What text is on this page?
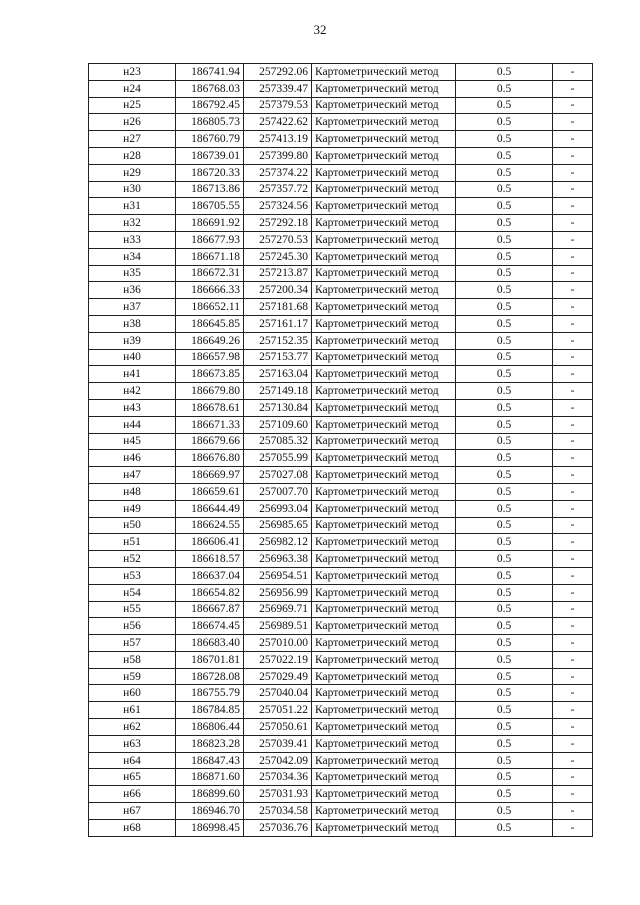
32
н23	186741.94	257292.06	Картометрический метод	0.5	-
н24	186768.03	257339.47	Картометрический метод	0.5	-
н25	186792.45	257379.53	Картометрический метод	0.5	-
н26	186805.73	257422.62	Картометрический метод	0.5	-
н27	186760.79	257413.19	Картометрический метод	0.5	-
н28	186739.01	257399.80	Картометрический метод	0.5	-
н29	186720.33	257374.22	Картометрический метод	0.5	-
н30	186713.86	257357.72	Картометрический метод	0.5	-
н31	186705.55	257324.56	Картометрический метод	0.5	-
н32	186691.92	257292.18	Картометрический метод	0.5	-
н33	186677.93	257270.53	Картометрический метод	0.5	-
н34	186671.18	257245.30	Картометрический метод	0.5	-
н35	186672.31	257213.87	Картометрический метод	0.5	-
н36	186666.33	257200.34	Картометрический метод	0.5	-
н37	186652.11	257181.68	Картометрический метод	0.5	-
н38	186645.85	257161.17	Картометрический метод	0.5	-
н39	186649.26	257152.35	Картометрический метод	0.5	-
н40	186657.98	257153.77	Картометрический метод	0.5	-
н41	186673.85	257163.04	Картометрический метод	0.5	-
н42	186679.80	257149.18	Картометрический метод	0.5	-
н43	186678.61	257130.84	Картометрический метод	0.5	-
н44	186671.33	257109.60	Картометрический метод	0.5	-
н45	186679.66	257085.32	Картометрический метод	0.5	-
н46	186676.80	257055.99	Картометрический метод	0.5	-
н47	186669.97	257027.08	Картометрический метод	0.5	-
н48	186659.61	257007.70	Картометрический метод	0.5	-
н49	186644.49	256993.04	Картометрический метод	0.5	-
н50	186624.55	256985.65	Картометрический метод	0.5	-
н51	186606.41	256982.12	Картометрический метод	0.5	-
н52	186618.57	256963.38	Картометрический метод	0.5	-
н53	186637.04	256954.51	Картометрический метод	0.5	-
н54	186654.82	256956.99	Картометрический метод	0.5	-
н55	186667.87	256969.71	Картометрический метод	0.5	-
н56	186674.45	256989.51	Картометрический метод	0.5	-
н57	186683.40	257010.00	Картометрический метод	0.5	-
н58	186701.81	257022.19	Картометрический метод	0.5	-
н59	186728.08	257029.49	Картометрический метод	0.5	-
н60	186755.79	257040.04	Картометрический метод	0.5	-
н61	186784.85	257051.22	Картометрический метод	0.5	-
н62	186806.44	257050.61	Картометрический метод	0.5	-
н63	186823.28	257039.41	Картометрический метод	0.5	-
н64	186847.43	257042.09	Картометрический метод	0.5	-
н65	186871.60	257034.36	Картометрический метод	0.5	-
н66	186899.60	257031.93	Картометрический метод	0.5	-
н67	186946.70	257034.58	Картометрический метод	0.5	-
н68	186998.45	257036.76	Картометрический метод	0.5	-
